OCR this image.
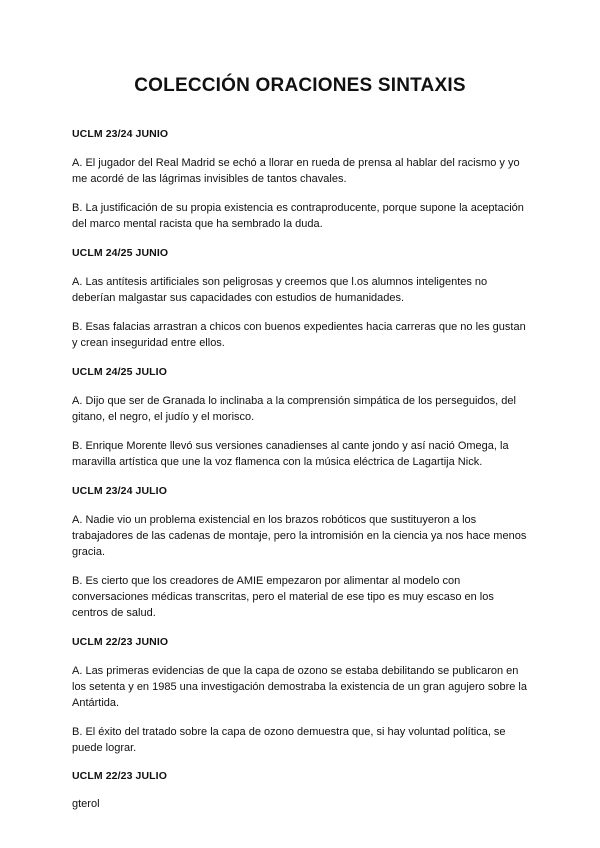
COLECCIÓN ORACIONES SINTAXIS

UCLM 23/24 JUNIO

A. El jugador del Real Madrid se echó a llorar en rueda de prensa al hablar del racismo y yo me acordé de las lágrimas invisibles de tantos chavales.

B. La justificación de su propia existencia es contraproducente, porque supone la aceptación del marco mental racista que ha sembrado la duda.

UCLM 24/25 JUNIO

A. Las antítesis artificiales son peligrosas y creemos que l.os alumnos inteligentes no deberían malgastar sus capacidades con estudios de humanidades.

B. Esas falacias arrastran a chicos con buenos expedientes hacia carreras que no les gustan y crean inseguridad entre ellos.

UCLM 24/25 JULIO

A. Dijo que ser de Granada lo inclinaba a la comprensión simpática de los perseguidos, del gitano, el negro, el judío y el morisco.

B. Enrique Morente llevó sus versiones canadienses al cante jondo y así nació Omega, la maravilla artística que une la voz flamenca con la música eléctrica de Lagartija Nick.

UCLM 23/24 JULIO

A. Nadie vio un problema existencial en los brazos robóticos que sustituyeron a los trabajadores de las cadenas de montaje, pero la intromisión en la ciencia ya nos hace menos gracia.

B. Es cierto que los creadores de AMIE empezaron por alimentar al modelo con conversaciones médicas transcritas, pero el material de ese tipo es muy escaso en los centros de salud.

UCLM 22/23 JUNIO

A. Las primeras evidencias de que la capa de ozono se estaba debilitando se publicaron en los setenta y en 1985 una investigación demostraba la existencia de un gran agujero sobre la Antártida.

B. El éxito del tratado sobre la capa de ozono demuestra que, si hay voluntad política, se puede lograr.

UCLM 22/23 JULIO

gterol
